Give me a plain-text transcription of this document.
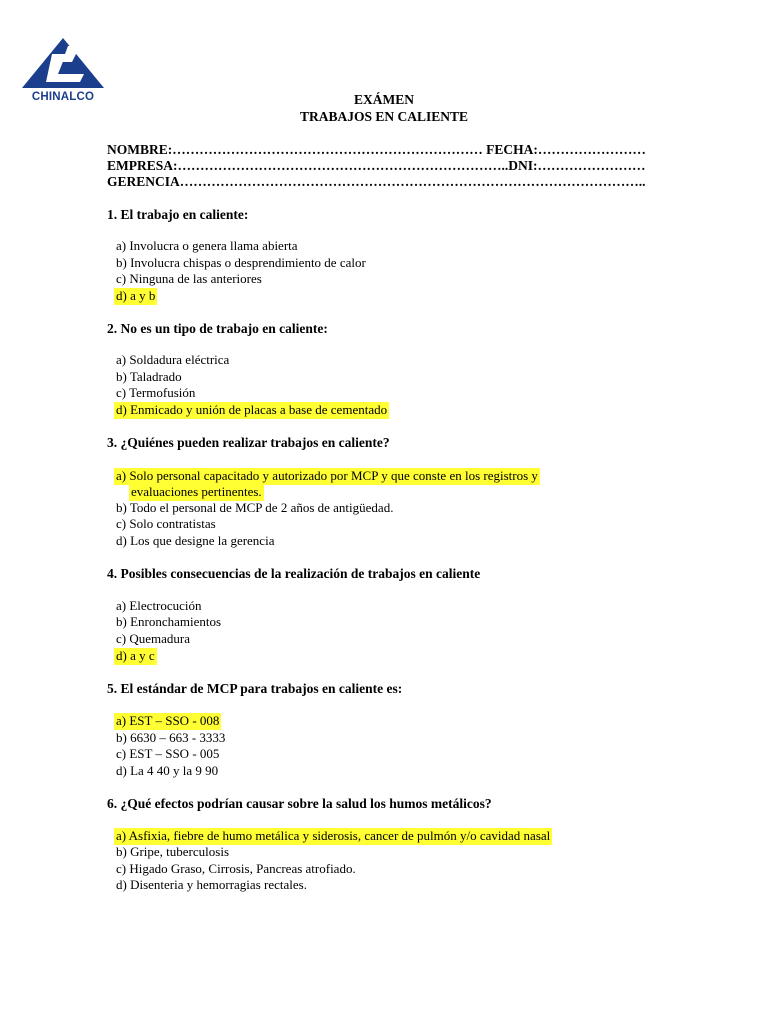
CHINALCO	EXÁMEN
TRABAJOS EN CALIENTE
NOMBRE:…………………………………………………………… FECHA:……………………
EMPRESA:………………………………………………………………..DNI:……………………
GERENCIA…………………………………………………………………………………………..
1. El trabajo en caliente:
a) Involucra o genera llama abierta
b) Involucra chispas o desprendimiento de calor
c) Ninguna de las anteriores
d) a y b
2. No es un tipo de trabajo en caliente:
a) Soldadura eléctrica
b) Taladrado
c) Termofusión
d) Enmicado y unión de placas a base de cementado
3. ¿Quiénes pueden realizar trabajos en caliente?
a) Solo personal capacitado y autorizado por MCP y que conste en los registros y
evaluaciones pertinentes.
b) Todo el personal de MCP de 2 años de antigüedad.
c) Solo contratistas
d) Los que designe la gerencia
4. Posibles consecuencias de la realización de trabajos en caliente
a) Electrocución
b) Enronchamientos
c) Quemadura
d) a y c
5. El estándar de MCP para trabajos en caliente es:
a) EST – SSO - 008
b) 6630 – 663 - 3333
c) EST – SSO - 005
d) La 4 40 y la 9 90
6. ¿Qué efectos podrían causar sobre la salud los humos metálicos?
a) Asfixia, fiebre de humo metálica y siderosis, cancer de pulmón y/o cavidad nasal
b) Gripe, tuberculosis
c) Higado Graso, Cirrosis, Pancreas atrofiado.
d) Disenteria y hemorragias rectales.
